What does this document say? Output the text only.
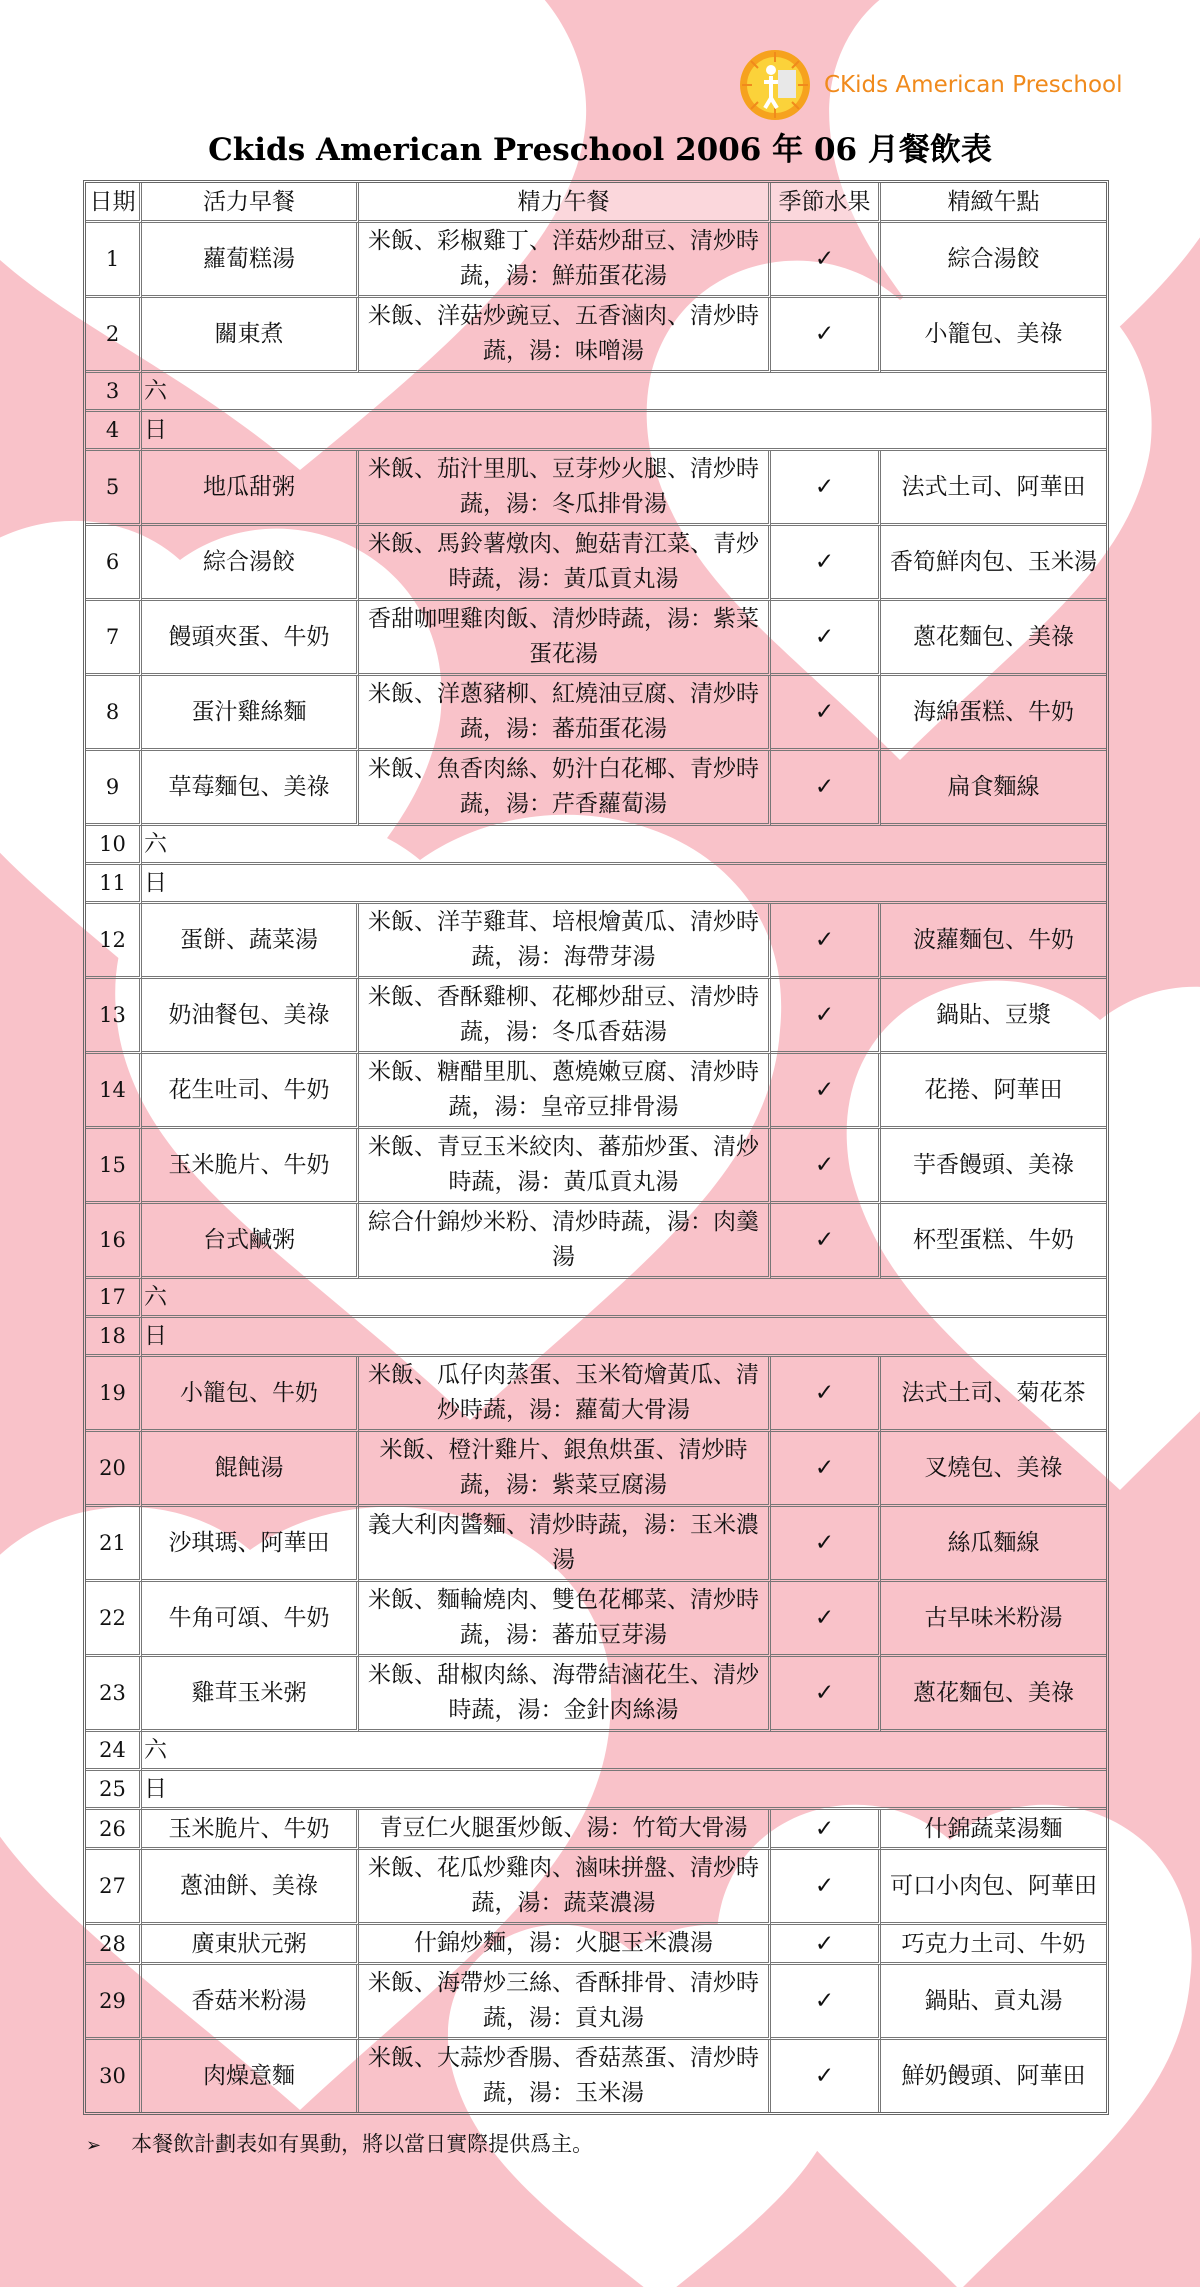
CKids American Preschool
Ckids American Preschool 2006 年 06 月餐飲表
日期	活力早餐	精力午餐	季節水果	精緻午點
1	蘿蔔糕湯	米飯、彩椒雞丁、洋菇炒甜豆、清炒時蔬，湯：鮮茄蛋花湯	✓	綜合湯餃
2	關東煮	米飯、洋菇炒豌豆、五香滷肉、清炒時蔬，湯：味噌湯	✓	小籠包、美祿
3	六			
4	日			
5	地瓜甜粥	米飯、茄汁里肌、豆芽炒火腿、清炒時蔬，湯：冬瓜排骨湯	✓	法式土司、阿華田
6	綜合湯餃	米飯、馬鈴薯燉肉、鮑菇青江菜、青炒時蔬，湯：黃瓜貢丸湯	✓	香筍鮮肉包、玉米湯
7	饅頭夾蛋、牛奶	香甜咖哩雞肉飯、清炒時蔬，湯：紫菜蛋花湯	✓	蔥花麵包、美祿
8	蛋汁雞絲麵	米飯、洋蔥豬柳、紅燒油豆腐、清炒時蔬，湯：蕃茄蛋花湯	✓	海綿蛋糕、牛奶
9	草莓麵包、美祿	米飯、魚香肉絲、奶汁白花椰、青炒時蔬，湯：芹香蘿蔔湯	✓	扁食麵線
10	六			
11	日			
12	蛋餅、蔬菜湯	米飯、洋芋雞茸、培根燴黃瓜、清炒時蔬，湯：海帶芽湯	✓	波蘿麵包、牛奶
13	奶油餐包、美祿	米飯、香酥雞柳、花椰炒甜豆、清炒時蔬，湯：冬瓜香菇湯	✓	鍋貼、豆漿
14	花生吐司、牛奶	米飯、糖醋里肌、蔥燒嫩豆腐、清炒時蔬，湯：皇帝豆排骨湯	✓	花捲、阿華田
15	玉米脆片、牛奶	米飯、青豆玉米絞肉、蕃茄炒蛋、清炒時蔬，湯：黃瓜貢丸湯	✓	芋香饅頭、美祿
16	台式鹹粥	綜合什錦炒米粉、清炒時蔬，湯：肉羹湯	✓	杯型蛋糕、牛奶
17	六			
18	日			
19	小籠包、牛奶	米飯、瓜仔肉蒸蛋、玉米筍燴黃瓜、清炒時蔬，湯：蘿蔔大骨湯	✓	法式土司、菊花茶
20	餛飩湯	米飯、橙汁雞片、銀魚烘蛋、清炒時蔬，湯：紫菜豆腐湯	✓	叉燒包、美祿
21	沙琪瑪、阿華田	義大利肉醬麵、清炒時蔬，湯：玉米濃湯	✓	絲瓜麵線
22	牛角可頌、牛奶	米飯、麵輪燒肉、雙色花椰菜、清炒時蔬，湯：蕃茄豆芽湯	✓	古早味米粉湯
23	雞茸玉米粥	米飯、甜椒肉絲、海帶結滷花生、清炒時蔬，湯：金針肉絲湯	✓	蔥花麵包、美祿
24	六			
25	日			
26	玉米脆片、牛奶	青豆仁火腿蛋炒飯、湯：竹筍大骨湯	✓	什錦蔬菜湯麵
27	蔥油餅、美祿	米飯、花瓜炒雞肉、滷味拼盤、清炒時蔬，湯：蔬菜濃湯	✓	可口小肉包、阿華田
28	廣東狀元粥	什錦炒麵，湯：火腿玉米濃湯	✓	巧克力土司、牛奶
29	香菇米粉湯	米飯、海帶炒三絲、香酥排骨、清炒時蔬，湯：貢丸湯	✓	鍋貼、貢丸湯
30	肉燥意麵	米飯、大蒜炒香腸、香菇蒸蛋、清炒時蔬，湯：玉米湯	✓	鮮奶饅頭、阿華田
➢ 本餐飲計劃表如有異動，將以當日實際提供爲主。
